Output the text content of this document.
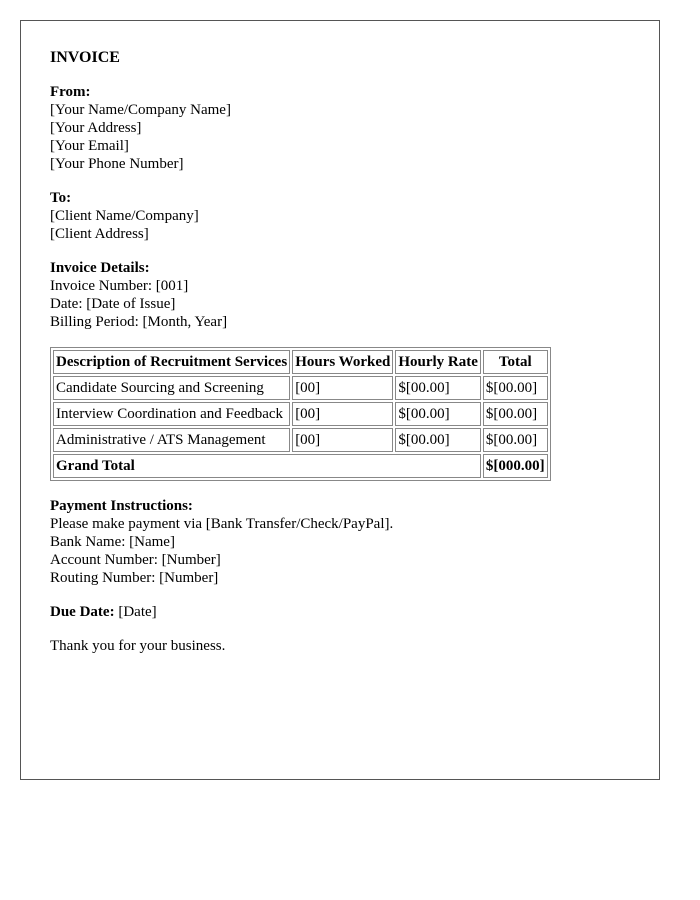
INVOICE
From:
[Your Name/Company Name]
[Your Address]
[Your Email]
[Your Phone Number]
To:
[Client Name/Company]
[Client Address]
Invoice Details:
Invoice Number: [001]
Date: [Date of Issue]
Billing Period: [Month, Year]
Description of Recruitment Services	Hours Worked	Hourly Rate	Total
Candidate Sourcing and Screening	[00]	$[00.00]	$[00.00]
Interview Coordination and Feedback	[00]	$[00.00]	$[00.00]
Administrative / ATS Management	[00]	$[00.00]	$[00.00]
Grand Total			$[000.00]
Payment Instructions:
Please make payment via [Bank Transfer/Check/PayPal].
Bank Name: [Name]
Account Number: [Number]
Routing Number: [Number]
Due Date: [Date]
Thank you for your business.
